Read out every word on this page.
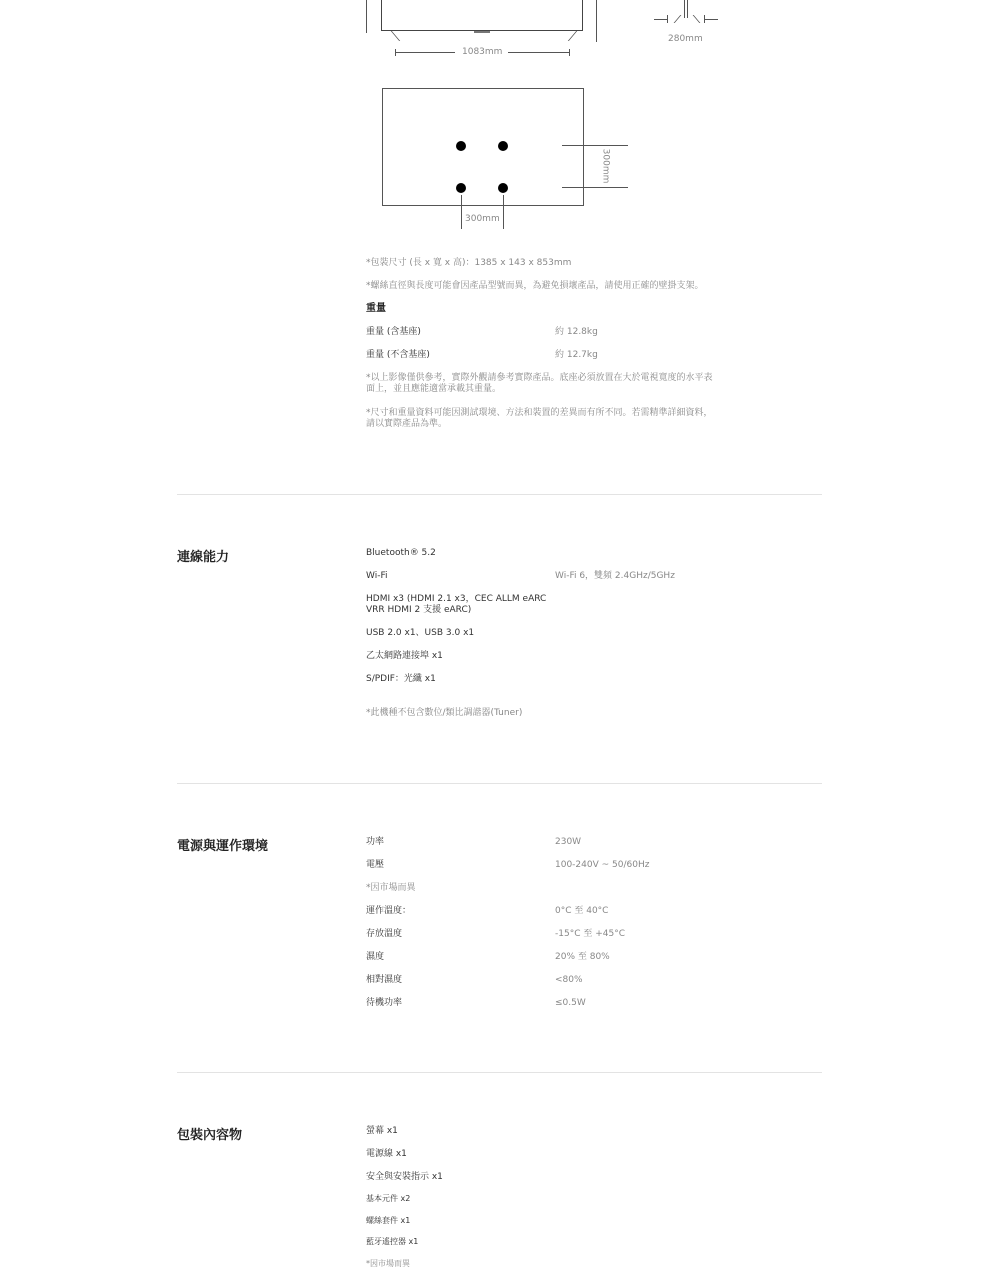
1083mm
280mm
300mm
300mm
*包裝尺寸 (長 x 寬 x 高)：1385 x 143 x 853mm
*螺絲直徑與長度可能會因產品型號而異，為避免損壞產品，請使用正確的壁掛支架。
重量
重量 (含基座)	約 12.8kg
重量 (不含基座)	約 12.7kg
*以上影像僅供參考，實際外觀請參考實際產品。底座必須放置在大於電視寬度的水平表
面上，並且應能適當承載其重量。
*尺寸和重量資料可能因測試環境、方法和裝置的差異而有所不同。若需精準詳細資料，
請以實際產品為準。
連線能力	Bluetooth® 5.2
Wi-Fi	Wi-Fi 6，雙頻 2.4GHz/5GHz
HDMI x3 (HDMI 2.1 x3，CEC ALLM eARC
VRR HDMI 2 支援 eARC)
USB 2.0 x1、USB 3.0 x1
乙太網路連接埠 x1
S/PDIF：光纖 x1
*此機種不包含數位/類比調諧器(Tuner)
電源與運作環境	功率	230W
電壓	100-240V ~ 50/60Hz
*因市場而異
運作溫度：	0°C 至 40°C
存放溫度	-15°C 至 +45°C
濕度	20% 至 80%
相對濕度	<80%
待機功率	≤0.5W
包裝內容物	螢幕 x1
電源線 x1
安全與安裝指示 x1
基本元件 x2
螺絲套件 x1
藍牙遙控器 x1
*因市場而異
